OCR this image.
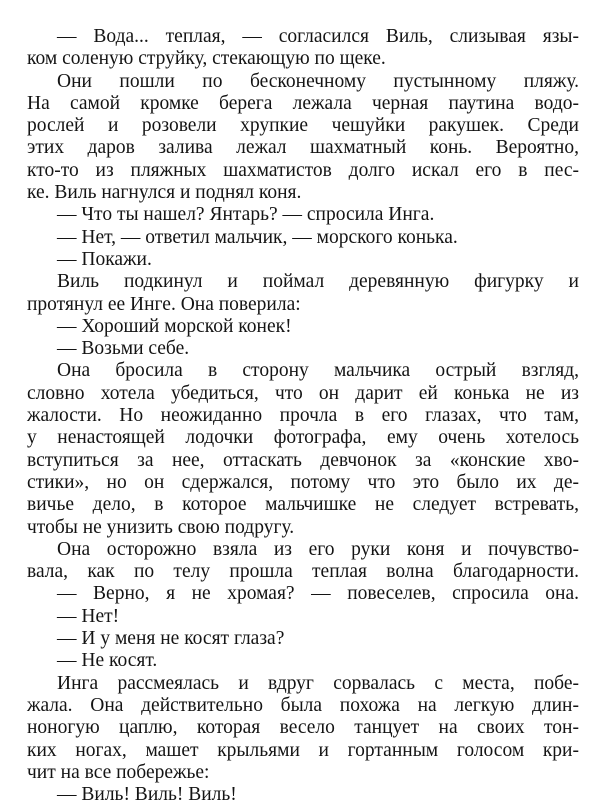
— Вода... теплая, — согласился Виль, слизывая язы-
ком соленую струйку, стекающую по щеке.
Они пошли по бесконечному пустынному пляжу.
На самой кромке берега лежала черная паутина водо-
рослей и розовели хрупкие чешуйки ракушек. Среди
этих даров залива лежал шахматный конь. Вероятно,
кто-то из пляжных шахматистов долго искал его в пес-
ке. Виль нагнулся и поднял коня.
— Что ты нашел? Янтарь? — спросила Инга.
— Нет, — ответил мальчик, — морского конька.
— Покажи.
Виль подкинул и поймал деревянную фигурку и
протянул ее Инге. Она поверила:
— Хороший морской конек!
— Возьми себе.
Она бросила в сторону мальчика острый взгляд,
словно хотела убедиться, что он дарит ей конька не из
жалости. Но неожиданно прочла в его глазах, что там,
у ненастоящей лодочки фотографа, ему очень хотелось
вступиться за нее, оттаскать девчонок за «конские хво-
стики», но он сдержался, потому что это было их де-
вичье дело, в которое мальчишке не следует встревать,
чтобы не унизить свою подругу.
Она осторожно взяла из его руки коня и почувство-
вала, как по телу прошла теплая волна благодарности.
— Верно, я не хромая? — повеселев, спросила она.
— Нет!
— И у меня не косят глаза?
— Не косят.
Инга рассмеялась и вдруг сорвалась с места, побе-
жала. Она действительно была похожа на легкую длин-
ноногую цаплю, которая весело танцует на своих тон-
ких ногах, машет крыльями и гортанным голосом кри-
чит на все побережье:
— Виль! Виль! Виль!
